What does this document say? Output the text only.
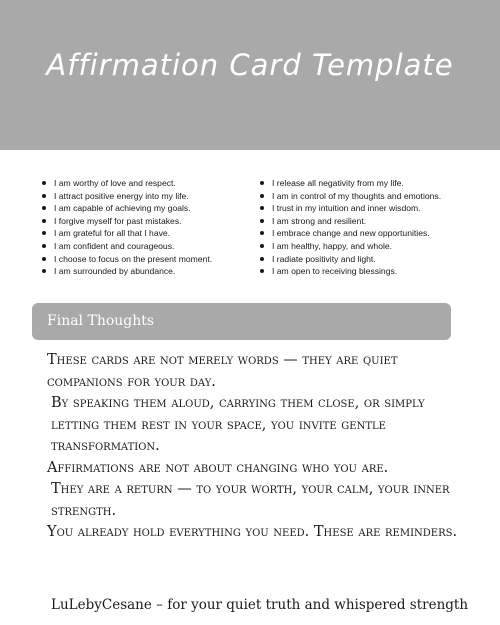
Affirmation Card Template
I am worthy of love and respect.
I attract positive energy into my life.
I am capable of achieving my goals.
I forgive myself for past mistakes.
I am grateful for all that I have.
I am confident and courageous.
I choose to focus on the present moment.
I am surrounded by abundance.
I release all negativity from my life.
I am in control of my thoughts and emotions.
I trust in my intuition and inner wisdom.
I am strong and resilient.
I embrace change and new opportunities.
I am healthy, happy, and whole.
I radiate positivity and light.
I am open to receiving blessings.
Final Thoughts

These cards are not merely words — they are quiet companions for your day.

By speaking them aloud, carrying them close, or simply letting them rest in your space, you invite gentle transformation.

Affirmations are not about changing who you are.

They are a return — to your worth, your calm, your inner strength.

You already hold everything you need. These are reminders.

LuLebyCesane – for your quiet truth and whispered strength
